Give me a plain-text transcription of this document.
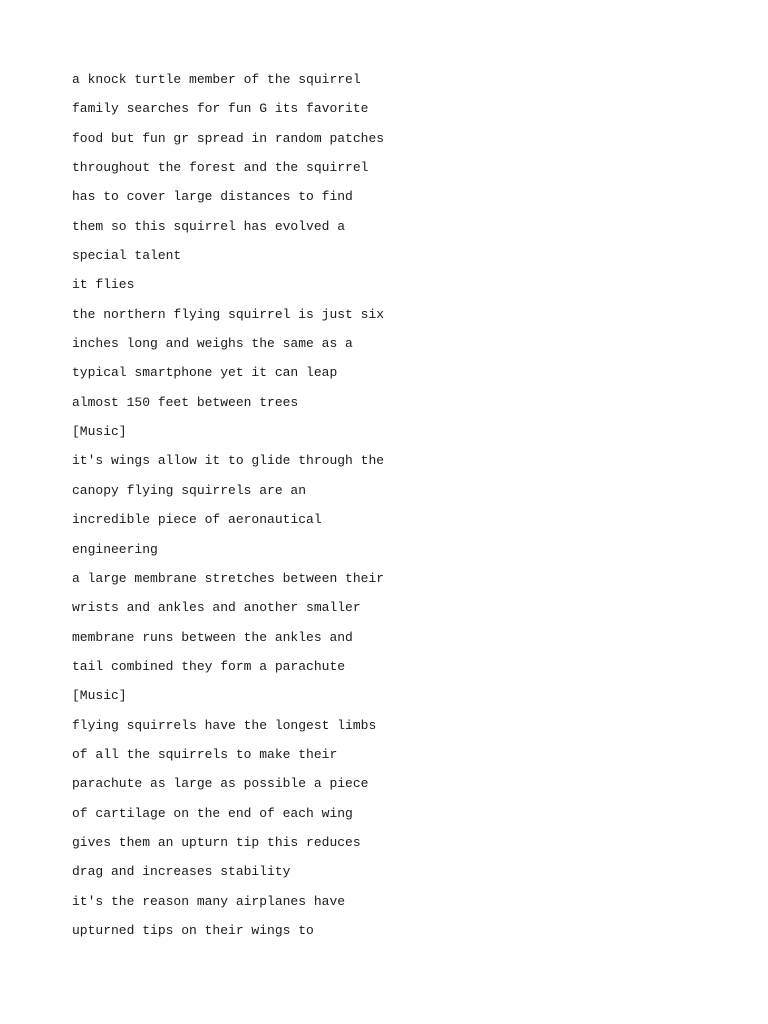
a knock turtle member of the squirrel
family searches for fun G its favorite
food but fun gr spread in random patches
throughout the forest and the squirrel
has to cover large distances to find
them so this squirrel has evolved a
special talent
it flies
the northern flying squirrel is just six
inches long and weighs the same as a
typical smartphone yet it can leap
almost 150 feet between trees
[Music]
it's wings allow it to glide through the
canopy flying squirrels are an
incredible piece of aeronautical
engineering
a large membrane stretches between their
wrists and ankles and another smaller
membrane runs between the ankles and
tail combined they form a parachute
[Music]
flying squirrels have the longest limbs
of all the squirrels to make their
parachute as large as possible a piece
of cartilage on the end of each wing
gives them an upturn tip this reduces
drag and increases stability
it's the reason many airplanes have
upturned tips on their wings to
